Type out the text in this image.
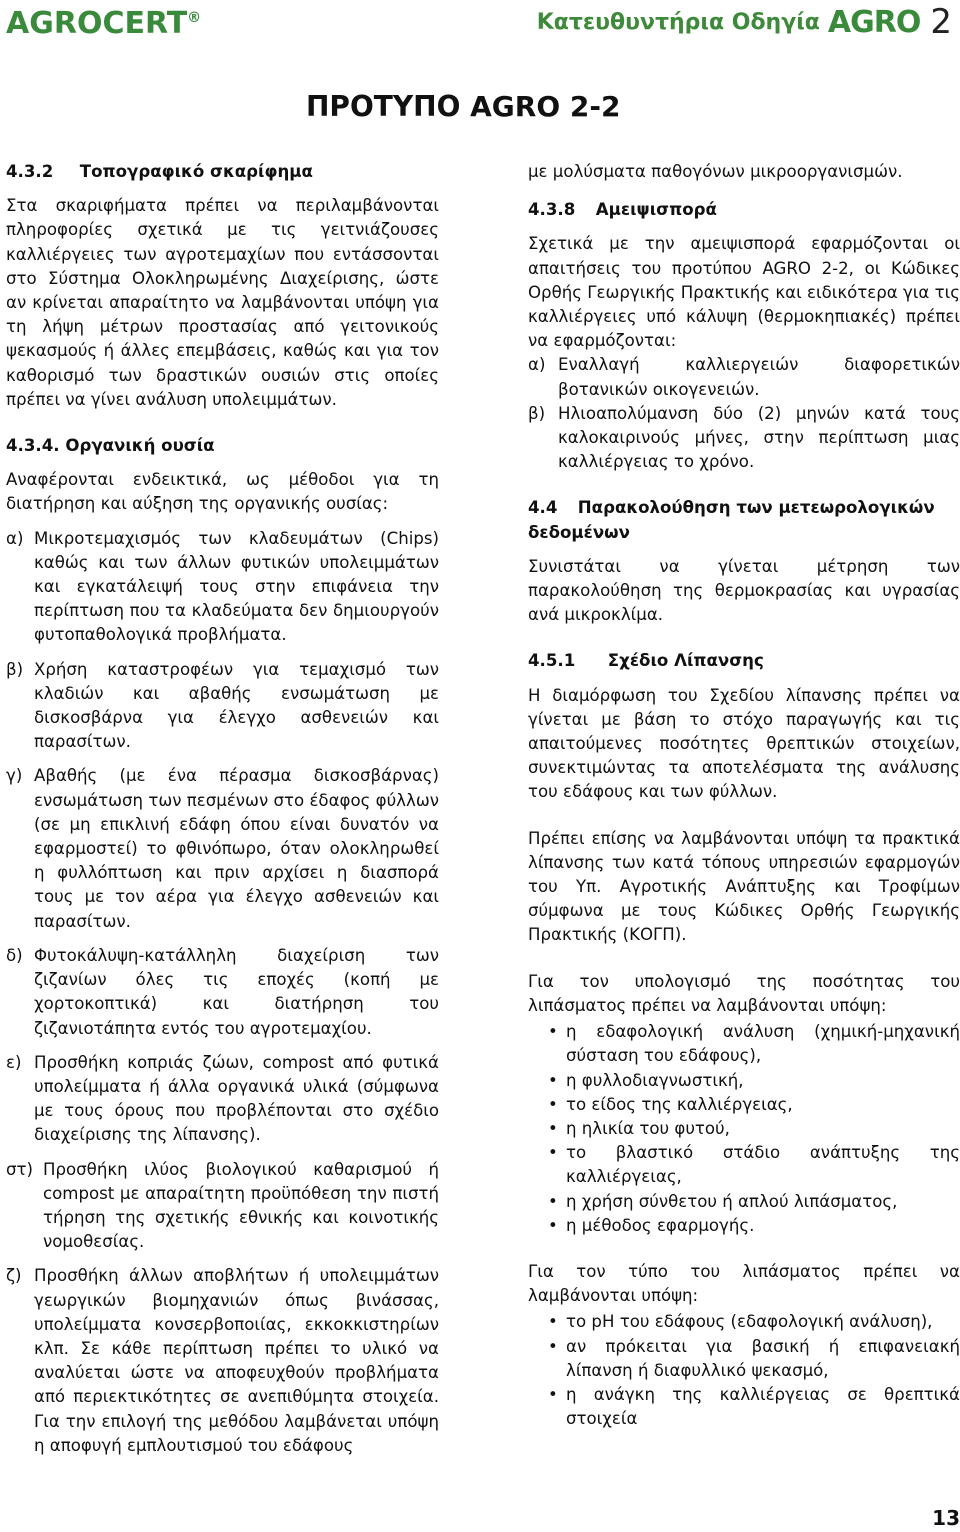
AGROCERT®	Κατευθυντήρια Οδηγία AGRO 2
ΠΡΟΤΥΠΟ AGRO 2-2

4.3.2 Τοπογραφικό σκαρίφημα

Στα σκαριφήματα πρέπει να περιλαμβάνονται πληροφορίες σχετικά με τις γειτνιάζουσες καλλιέργειες των αγροτεμαχίων που εντάσσονται στο Σύστημα Ολοκληρωμένης Διαχείρισης, ώστε αν κρίνεται απαραίτητο να λαμβάνονται υπόψη για τη λήψη μέτρων προστασίας από γειτονικούς ψεκασμούς ή άλλες επεμβάσεις, καθώς και για τον καθορισμό των δραστικών ουσιών στις οποίες πρέπει να γίνει ανάλυση υπολειμμάτων.

4.3.4. Οργανική ουσία

Αναφέρονται ενδεικτικά, ως μέθοδοι για τη διατήρηση και αύξηση της οργανικής ουσίας:

α) Μικροτεμαχισμός των κλαδευμάτων (Chips) καθώς και των άλλων φυτικών υπολειμμάτων και εγκατάλειψή τους στην επιφάνεια την περίπτωση που τα κλαδεύματα δεν δημιουργούν φυτοπαθολογικά προβλήματα.
β) Χρήση καταστροφέων για τεμαχισμό των κλαδιών και αβαθής ενσωμάτωση με δισκοσβάρνα για έλεγχο ασθενειών και παρασίτων.
γ) Αβαθής (με ένα πέρασμα δισκοσβάρνας) ενσωμάτωση των πεσμένων στο έδαφος φύλλων (σε μη επικλινή εδάφη όπου είναι δυνατόν να εφαρμοστεί) το φθινόπωρο, όταν ολοκληρωθεί η φυλλόπτωση και πριν αρχίσει η διασπορά τους με τον αέρα για έλεγχο ασθενειών και παρασίτων.
δ) Φυτοκάλυψη-κατάλληλη διαχείριση των ζιζανίων όλες τις εποχές (κοπή με χορτοκοπτικά) και διατήρηση του ζιζανιοτάπητα εντός του αγροτεμαχίου.
ε) Προσθήκη κοπριάς ζώων, compost από φυτικά υπολείμματα ή άλλα οργανικά υλικά (σύμφωνα με τους όρους που προβλέπονται στο σχέδιο διαχείρισης της λίπανσης).
στ) Προσθήκη ιλύος βιολογικού καθαρισμού ή compost με απαραίτητη προϋπόθεση την πιστή τήρηση της σχετικής εθνικής και κοινοτικής νομοθεσίας.
ζ) Προσθήκη άλλων αποβλήτων ή υπολειμμάτων γεωργικών βιομηχανιών όπως βινάσσας, υπολείμματα κονσερβοποιίας, εκκοκκιστηρίων κλπ. Σε κάθε περίπτωση πρέπει το υλικό να αναλύεται ώστε να αποφευχθούν προβλήματα από περιεκτικότητες σε ανεπιθύμητα στοιχεία. Για την επιλογή της μεθόδου λαμβάνεται υπόψη η αποφυγή εμπλουτισμού του εδάφους

με μολύσματα παθογόνων μικροοργανισμών.

4.3.8 Αμειψισπορά

Σχετικά με την αμειψισπορά εφαρμόζονται οι απαιτήσεις του προτύπου AGRO 2-2, οι Κώδικες Ορθής Γεωργικής Πρακτικής και ειδικότερα για τις καλλιέργειες υπό κάλυψη (θερμοκηπιακές) πρέπει να εφαρμόζονται:

α) Εναλλαγή καλλιεργειών διαφορετικών βοτανικών οικογενειών.
β) Ηλιοαπολύμανση δύο (2) μηνών κατά τους καλοκαιρινούς μήνες, στην περίπτωση μιας καλλιέργειας το χρόνο.

4.4 Παρακολούθηση των μετεωρολογικών δεδομένων

Συνιστάται να γίνεται μέτρηση των παρακολούθηση της θερμοκρασίας και υγρασίας ανά μικροκλίμα.

4.5.1 Σχέδιο Λίπανσης

Η διαμόρφωση του Σχεδίου λίπανσης πρέπει να γίνεται με βάση το στόχο παραγωγής και τις απαιτούμενες ποσότητες θρεπτικών στοιχείων, συνεκτιμώντας τα αποτελέσματα της ανάλυσης του εδάφους και των φύλλων.

Πρέπει επίσης να λαμβάνονται υπόψη τα πρακτικά λίπανσης των κατά τόπους υπηρεσιών εφαρμογών του Υπ. Αγροτικής Ανάπτυξης και Τροφίμων σύμφωνα με τους Κώδικες Ορθής Γεωργικής Πρακτικής (ΚΟΓΠ).

Για τον υπολογισμό της ποσότητας του λιπάσματος πρέπει να λαμβάνονται υπόψη:

• η εδαφολογική ανάλυση (χημική-μηχανική σύσταση του εδάφους),
• η φυλλοδιαγνωστική,
• το είδος της καλλιέργειας,
• η ηλικία του φυτού,
• το βλαστικό στάδιο ανάπτυξης της καλλιέργειας,
• η χρήση σύνθετου ή απλού λιπάσματος,
• η μέθοδος εφαρμογής.

Για τον τύπο του λιπάσματος πρέπει να λαμβάνονται υπόψη:

• το pH του εδάφους (εδαφολογική ανάλυση),
• αν πρόκειται για βασική ή επιφανειακή λίπανση ή διαφυλλικό ψεκασμό,
• η ανάγκη της καλλιέργειας σε θρεπτικά στοιχεία
13
